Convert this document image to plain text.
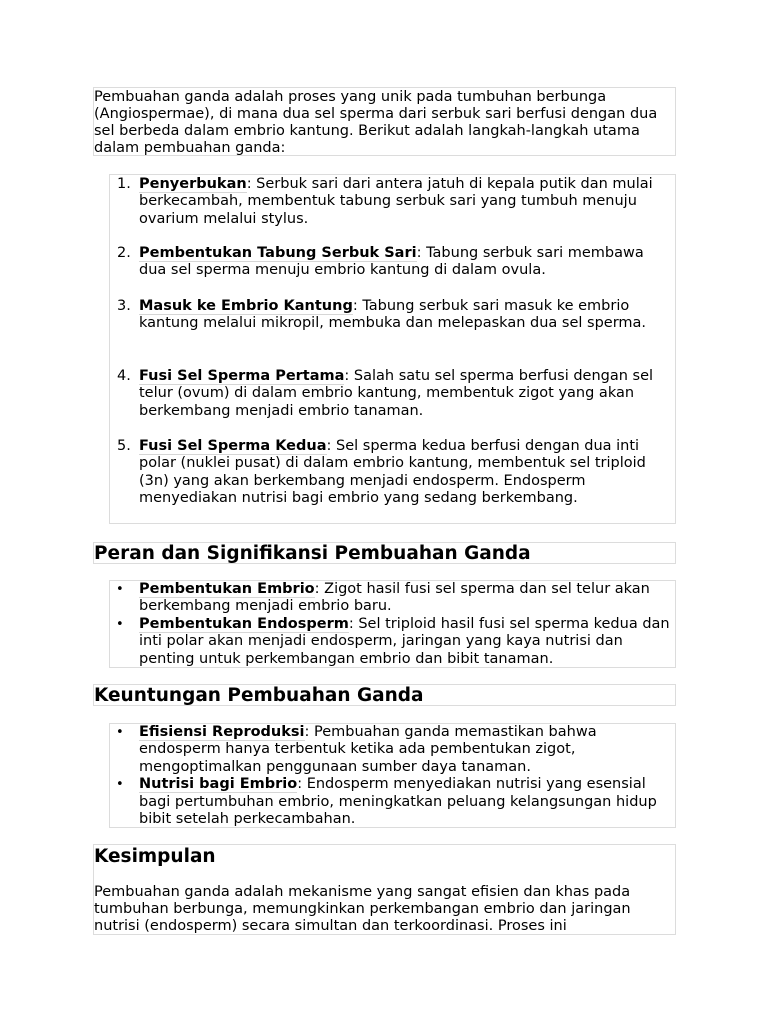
Pembuahan ganda adalah proses yang unik pada tumbuhan berbunga (Angiospermae), di mana dua sel sperma dari serbuk sari berfusi dengan dua sel berbeda dalam embrio kantung. Berikut adalah langkah-langkah utama dalam pembuahan ganda:

1. Penyerbukan: Serbuk sari dari antera jatuh di kepala putik dan mulai berkecambah, membentuk tabung serbuk sari yang tumbuh menuju ovarium melalui stylus.
2. Pembentukan Tabung Serbuk Sari: Tabung serbuk sari membawa dua sel sperma menuju embrio kantung di dalam ovula.
3. Masuk ke Embrio Kantung: Tabung serbuk sari masuk ke embrio kantung melalui mikropil, membuka dan melepaskan dua sel sperma.
4. Fusi Sel Sperma Pertama: Salah satu sel sperma berfusi dengan sel telur (ovum) di dalam embrio kantung, membentuk zigot yang akan berkembang menjadi embrio tanaman.
5. Fusi Sel Sperma Kedua: Sel sperma kedua berfusi dengan dua inti polar (nuklei pusat) di dalam embrio kantung, membentuk sel triploid (3n) yang akan berkembang menjadi endosperm. Endosperm menyediakan nutrisi bagi embrio yang sedang berkembang.
Peran dan Signifikansi Pembuahan Ganda
• Pembentukan Embrio: Zigot hasil fusi sel sperma dan sel telur akan berkembang menjadi embrio baru.
• Pembentukan Endosperm: Sel triploid hasil fusi sel sperma kedua dan inti polar akan menjadi endosperm, jaringan yang kaya nutrisi dan penting untuk perkembangan embrio dan bibit tanaman.
Keuntungan Pembuahan Ganda
• Efisiensi Reproduksi: Pembuahan ganda memastikan bahwa endosperm hanya terbentuk ketika ada pembentukan zigot, mengoptimalkan penggunaan sumber daya tanaman.
• Nutrisi bagi Embrio: Endosperm menyediakan nutrisi yang esensial bagi pertumbuhan embrio, meningkatkan peluang kelangsungan hidup bibit setelah perkecambahan.
Kesimpulan

Pembuahan ganda adalah mekanisme yang sangat efisien dan khas pada tumbuhan berbunga, memungkinkan perkembangan embrio dan jaringan nutrisi (endosperm) secara simultan dan terkoordinasi. Proses ini
